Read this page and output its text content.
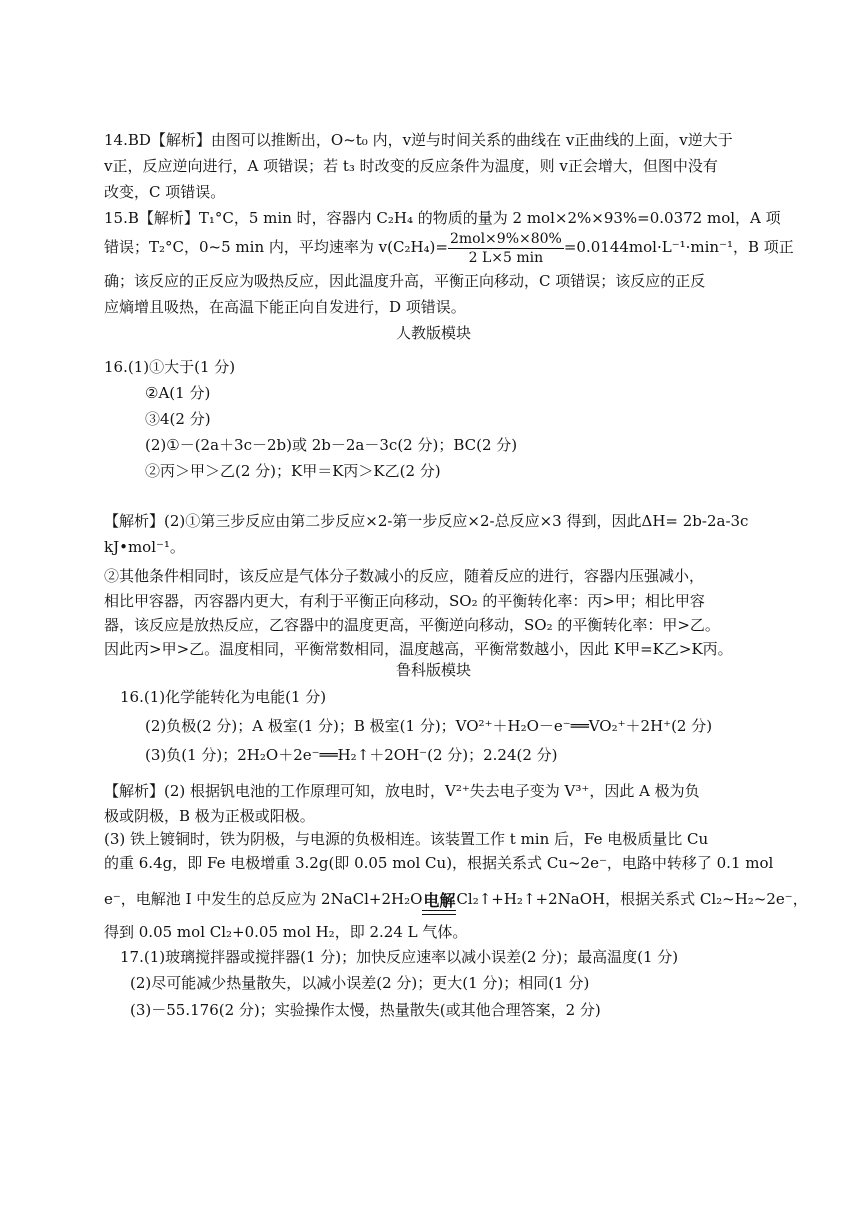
14.BD【解析】由图可以推断出，O~t₀ 内，v逆与时间关系的曲线在 v正曲线的上面，v逆大于
v正，反应逆向进行，A 项错误；若 t₃ 时改变的反应条件为温度，则 v正会增大，但图中没有
改变，C 项错误。
15.B【解析】T₁°C，5 min 时，容器内 C₂H₄ 的物质的量为 2 mol×2%×93%=0.0372 mol，A 项
错误；T₂°C，0~5 min 内，平均速率为 $v(C_2H_4)= \frac{\text{2mol×9\%×80\%}}{2 L\times 5 \min} =0.0144mol\cdot L^{-1}\cdot\min^{-1}$，B 项正
确；该反应的正反应为吸热反应，因此温度升高，平衡正向移动，C 项错误；该反应的正反
应熵增且吸热，在高温下能正向自发进行，D 项错误。
人教版模块
16.(1)①大于(1 分)
②A(1 分)
③4(2 分)
(2)①－(2a＋3c－2b)或 2b－2a－3c(2 分)；BC(2 分)
②丙＞甲＞乙(2 分)；K甲＝K丙＞K乙(2 分)
【解析】(2)①第三步反应由第二步反应×2-第一步反应×2-总反应×3 得到，因此ΔH= 2b-2a-3c
kJ•mol⁻¹。
②其他条件相同时，该反应是气体分子数减小的反应，随着反应的进行，容器内压强减小，
相比甲容器，丙容器内更大，有利于平衡正向移动，SO₂ 的平衡转化率：丙>甲；相比甲容
器，该反应是放热反应，乙容器中的温度更高，平衡逆向移动，SO₂ 的平衡转化率：甲>乙。
因此丙>甲>乙。温度相同，平衡常数相同，温度越高，平衡常数越小，因此 K甲=K乙>K丙。
鲁科版模块
16.(1)化学能转化为电能(1 分)
(2)负极(2 分)；A 极室(1 分)；B 极室(1 分)；VO²⁺＋H₂O－e⁻══VO₂⁺＋2H⁺(2 分)
(3)负(1 分)；2H₂O＋2e⁻══H₂↑＋2OH⁻(2 分)；2.24(2 分)
【解析】(2) 根据钒电池的工作原理可知，放电时，V²⁺失去电子变为 V³⁺，因此 A 极为负
极或阴极，B 极为正极或阳极。
(3) 铁上镀铜时，铁为阴极，与电源的负极相连。该装置工作 t min 后，Fe 电极质量比 Cu
的重 6.4g，即 Fe 电极增重 3.2g(即 0.05 mol Cu)，根据关系式 Cu~2e⁻，电路中转移了 0.1 mol
e⁻，电解池 I 中发生的总反应为 2NaCl+2H₂O 电解 Cl₂↑+H₂↑+2NaOH，根据关系式 Cl₂~H₂~2e⁻，
得到 0.05 mol Cl₂+0.05 mol H₂，即 2.24 L 气体。
17.(1)玻璃搅拌器或搅拌器(1 分)；加快反应速率以减小误差(2 分)；最高温度(1 分)
(2)尽可能减少热量散失，以减小误差(2 分)；更大(1 分)；相同(1 分)
(3)－55.176(2 分)；实验操作太慢，热量散失(或其他合理答案，2 分)
